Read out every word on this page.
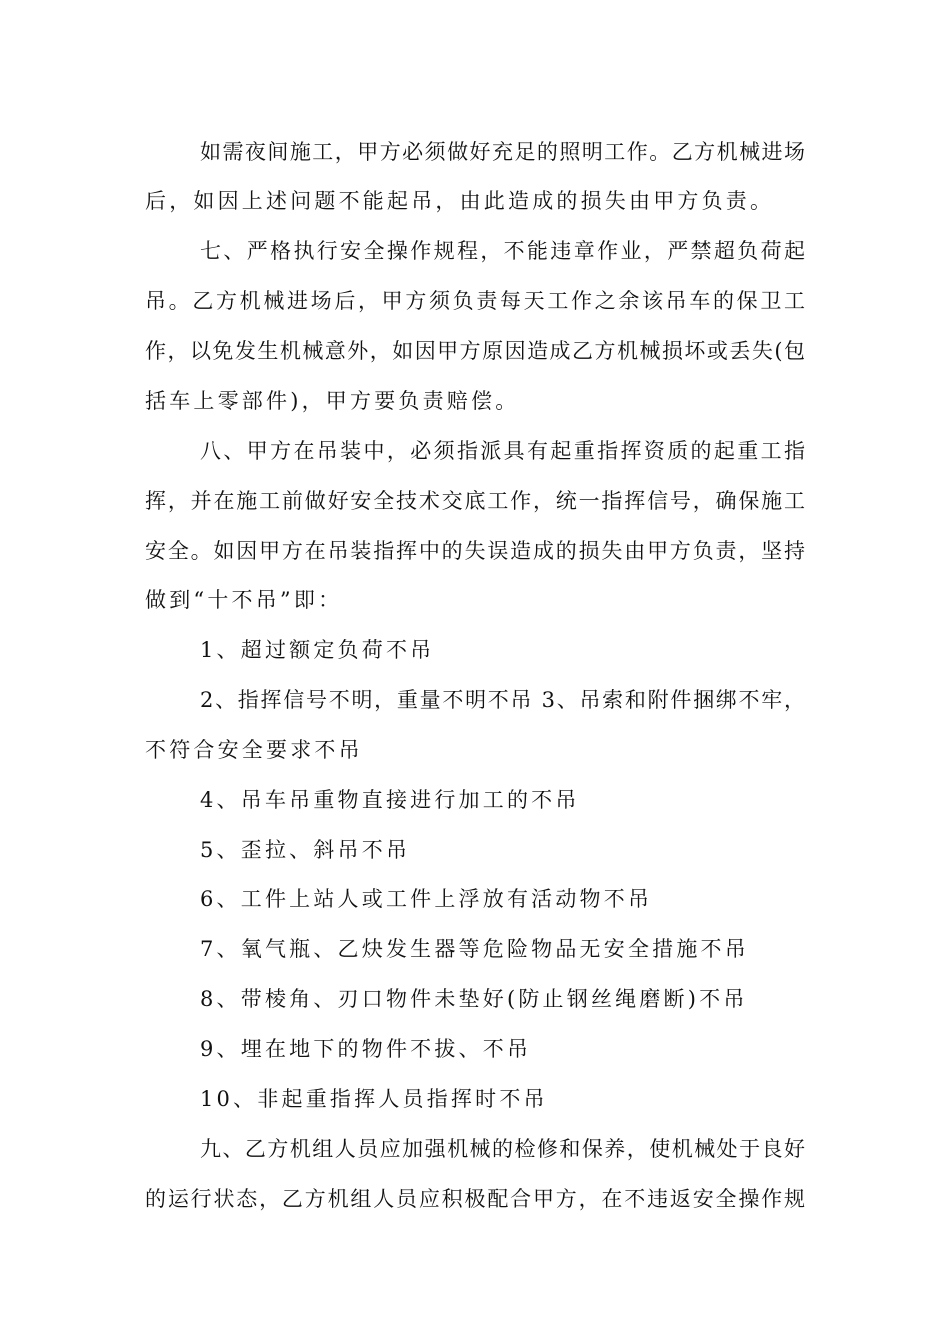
如需夜间施工，甲方必须做好充足的照明工作。乙方机械进场
后，如因上述问题不能起吊，由此造成的损失由甲方负责。
七、严格执行安全操作规程，不能违章作业，严禁超负荷起
吊。乙方机械进场后，甲方须负责每天工作之余该吊车的保卫工
作，以免发生机械意外，如因甲方原因造成乙方机械损坏或丢失(包
括车上零部件)，甲方要负责赔偿。
八、甲方在吊装中，必须指派具有起重指挥资质的起重工指
挥，并在施工前做好安全技术交底工作，统一指挥信号，确保施工
安全。如因甲方在吊装指挥中的失误造成的损失由甲方负责，坚持
做到“十不吊”即：
1、超过额定负荷不吊
2、指挥信号不明，重量不明不吊 3、吊索和附件捆绑不牢，
不符合安全要求不吊
4、吊车吊重物直接进行加工的不吊
5、歪拉、斜吊不吊
6、工件上站人或工件上浮放有活动物不吊
7、氧气瓶、乙炔发生器等危险物品无安全措施不吊
8、带棱角、刃口物件未垫好(防止钢丝绳磨断)不吊
9、埋在地下的物件不拔、不吊
10、非起重指挥人员指挥时不吊
九、乙方机组人员应加强机械的检修和保养，使机械处于良好
的运行状态，乙方机组人员应积极配合甲方，在不违返安全操作规
